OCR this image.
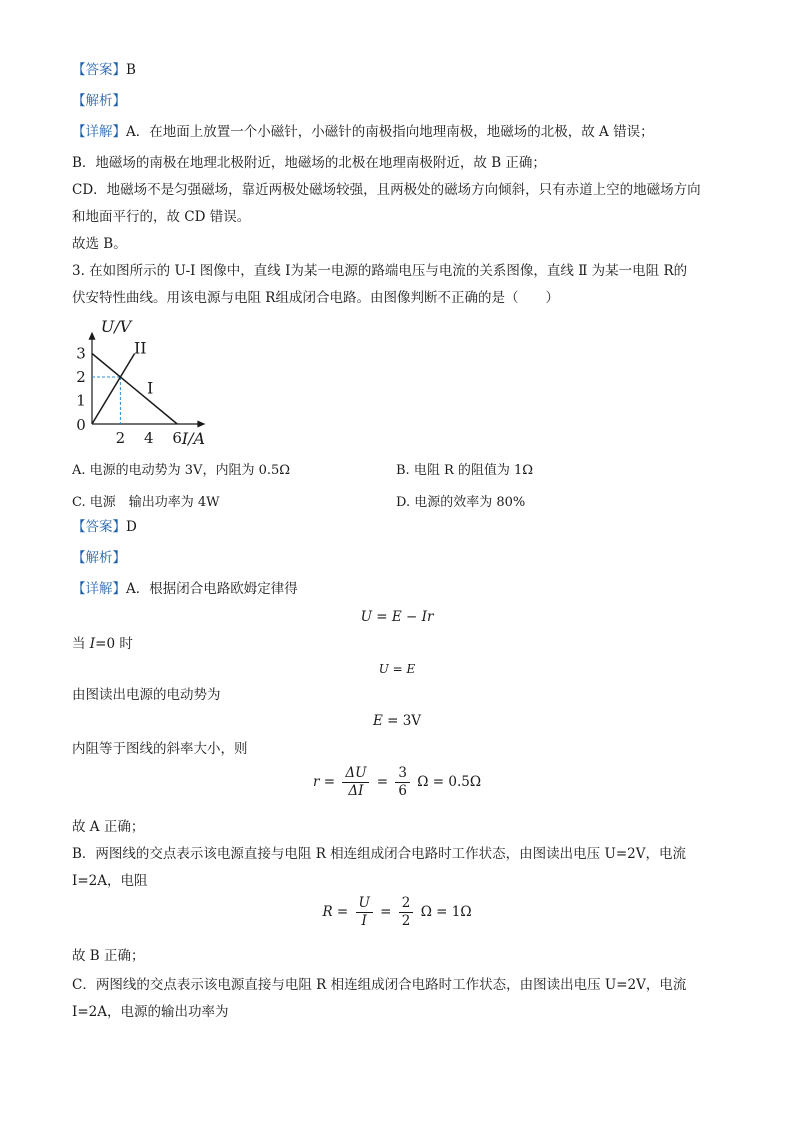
【答案】B
【解析】
【详解】A．在地面上放置一个小磁针，小磁针的南极指向地理南极，地磁场的北极，故 A 错误；
B．地磁场的南极在地理北极附近，地磁场的北极在地理南极附近，故 B 正确；
CD．地磁场不是匀强磁场，靠近两极处磁场较强，且两极处的磁场方向倾斜，只有赤道上空的地磁场方向
和地面平行的，故 CD 错误。
故选 B。
3. 在如图所示的 U-I 图像中，直线 Ⅰ为某一电源的路端电压与电流的关系图像，直线 Ⅱ 为某一电阻 R的
伏安特性曲线。用该电源与电阻 R组成闭合电路。由图像判断不正确的是（　　）
U/V
I/A
0
2 4 6
1
2
3
I
II
A. 电源的电动势为 3V，内阻为 0.5Ω	B. 电阻 R 的阻值为 1Ω
C. 电源　输出功率为 4W	D. 电源的效率为 80%
【答案】D
【解析】
【详解】A．根据闭合电路欧姆定律得
U = E − Ir
当 I=0 时
U = E
由图读出电源的电动势为
E = 3V
内阻等于图线的斜率大小，则
$r = \frac{\Delta U}{\Delta I} = \frac{3}{6}$ Ω = 0.5Ω
故 A 正确；
B．两图线的交点表示该电源直接与电阻 R 相连组成闭合电路时工作状态，由图读出电压 U=2V，电流
I=2A，电阻
$R = \frac{U}{I} = \frac{2}{2}$ Ω = 1Ω
故 B 正确；
C．两图线的交点表示该电源直接与电阻 R 相连组成闭合电路时工作状态，由图读出电压 U=2V，电流
I=2A，电源的输出功率为
